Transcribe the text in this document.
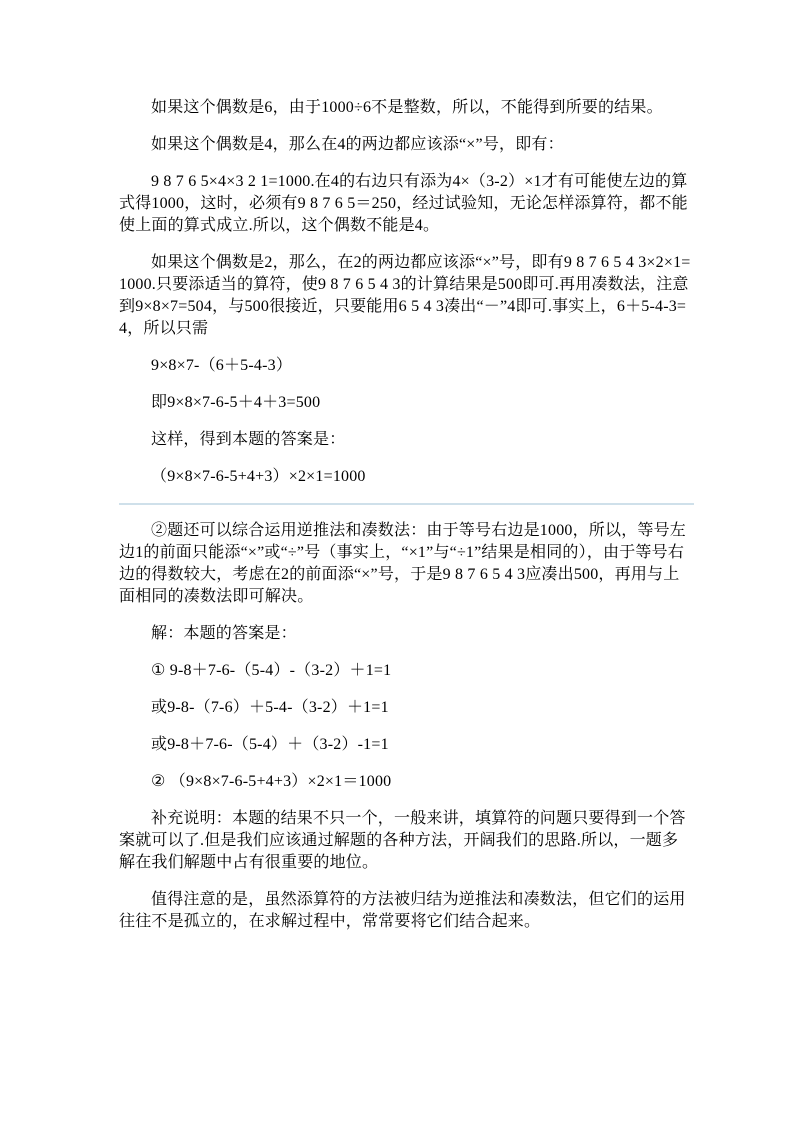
如果这个偶数是6，由于1000÷6不是整数，所以，不能得到所要的结果。

如果这个偶数是4，那么在4的两边都应该添“×”号，即有：

9 8 7 6 5×4×3 2 1=1000.在4的右边只有添为4×（3-2）×1才有可能使左边的算式得1000，这时，必须有9 8 7 6 5＝250，经过试验知，无论怎样添算符，都不能使上面的算式成立.所以，这个偶数不能是4。

如果这个偶数是2，那么，在2的两边都应该添“×”号，即有9 8 7 6 5 4 3×2×1=1000.只要添适当的算符，使9 8 7 6 5 4 3的计算结果是500即可.再用凑数法，注意到9×8×7=504，与500很接近，只要能用6 5 4 3凑出“－”4即可.事实上，6＋5-4-3=4，所以只需

9×8×7-（6＋5-4-3）

即9×8×7-6-5＋4＋3=500

这样，得到本题的答案是：

（9×8×7-6-5+4+3）×2×1=1000

②题还可以综合运用逆推法和凑数法：由于等号右边是1000，所以，等号左边1的前面只能添“×”或“÷”号（事实上，“×1”与“÷1”结果是相同的），由于等号右边的得数较大，考虑在2的前面添“×”号，于是9 8 7 6 5 4 3应凑出500，再用与上面相同的凑数法即可解决。

解：本题的答案是：

① 9-8＋7-6-（5-4）-（3-2）＋1=1

或9-8-（7-6）＋5-4-（3-2）＋1=1

或9-8＋7-6-（5-4）＋（3-2）-1=1

② （9×8×7-6-5+4+3）×2×1＝1000

补充说明：本题的结果不只一个，一般来讲，填算符的问题只要得到一个答案就可以了.但是我们应该通过解题的各种方法，开阔我们的思路.所以，一题多解在我们解题中占有很重要的地位。

值得注意的是，虽然添算符的方法被归结为逆推法和凑数法，但它们的运用往往不是孤立的，在求解过程中，常常要将它们结合起来。
